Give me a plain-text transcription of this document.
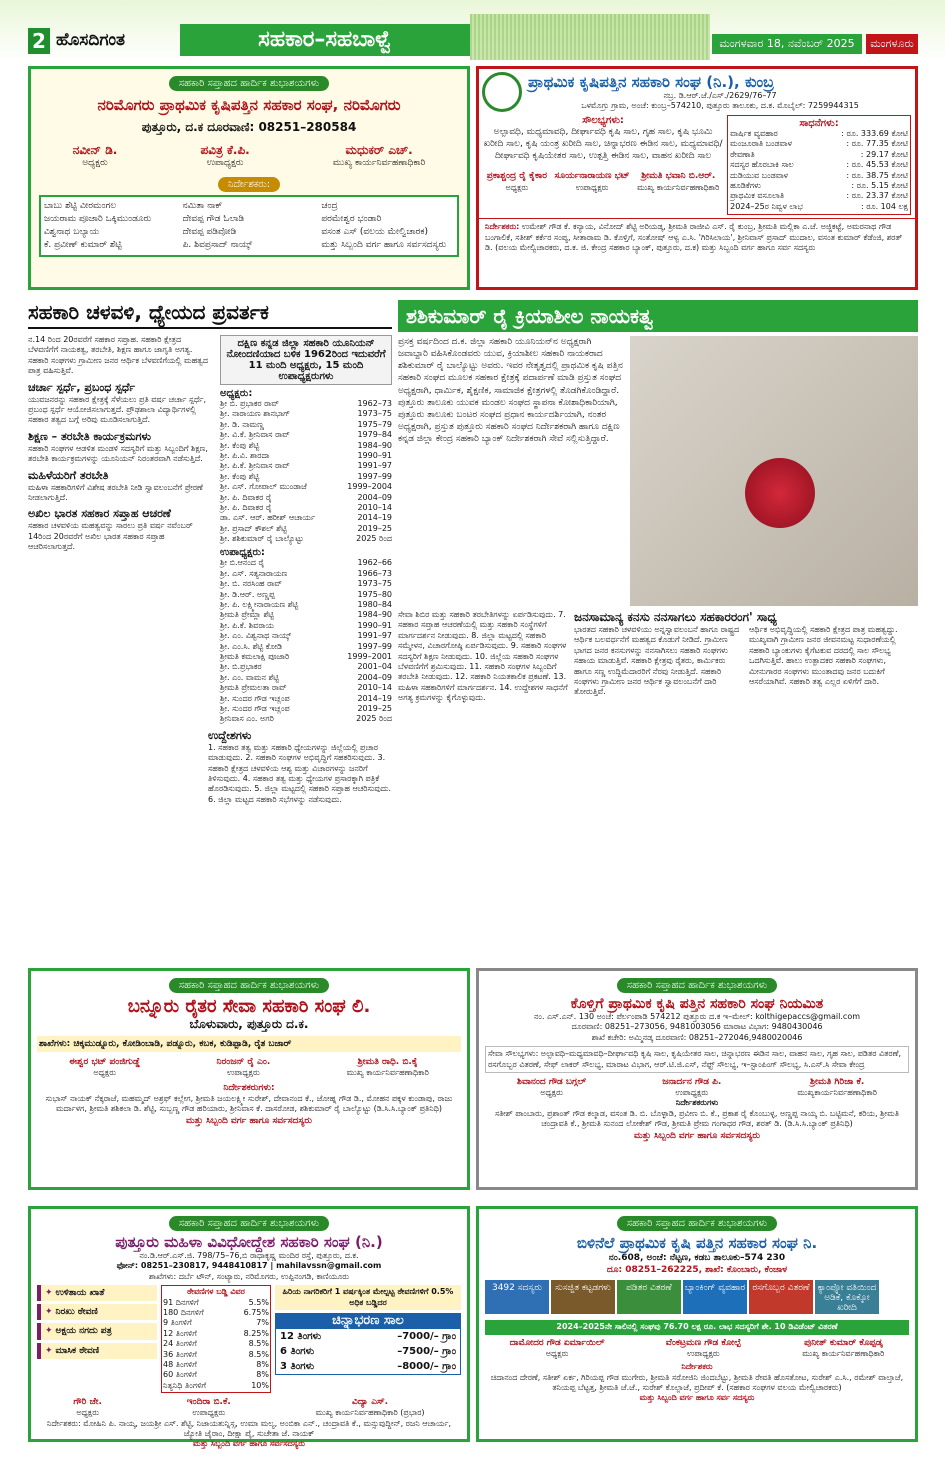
2 ಹೊಸದಿಗಂತ	ಸಹಕಾರ–ಸಹಬಾಳ್ವೆ	ಮಂಗಳವಾರ 18, ನವೆಂಬರ್ 2025	ಮಂಗಳೂರು
ಸಹಕಾರಿ ಸಪ್ತಾಹದ ಹಾರ್ದಿಕ ಶುಭಾಶಯಗಳು
ನರಿಮೊಗರು ಪ್ರಾಥಮಿಕ ಕೃಷಿಪತ್ತಿನ ಸಹಕಾರ ಸಂಘ, ನರಿಮೊಗರು
ಪುತ್ತೂರು, ದ.ಕ ದೂರವಾಣಿ: 08251–280584
ನವೀನ್ ಡಿ.
ಅಧ್ಯಕ್ಷರು
ಪವಿತ್ರ ಕೆ.ಪಿ.
ಉಪಾಧ್ಯಕ್ಷರು
ಮಧುಕರ್ ಎಚ್.
ಮುಖ್ಯ ಕಾರ್ಯನಿರ್ವಹಣಾಧಿಕಾರಿ
ನಿರ್ದೇಶಕರು:
ಬಾಬು ಶೆಟ್ಟಿ ವೀರಮಂಗಲ	ನಮಿತಾ ನಾಕ್	ಚಂದ್ರ
ಜಯರಾಮ ಪೂಜಾರಿ ಒಕ್ಕಿಮುಂಡೂರು	ದೇವಪ್ಪ ಗೌಡ ಓಲಾಡಿ	ಪರಮೇಶ್ವರ ಭಂಡಾರಿ
ವಿಶ್ವನಾಥ ಬಲ್ಯಾಯ	ದೇವಪ್ಪ ಪಡಿವೋಡಿ	ವಸಂತ ಎಸ್ (ವಲಯ ಮೇಲ್ವಿಚಾರಕ)
ಕೆ. ಪ್ರವೀಣ್ ಕುಮಾರ್ ಶೆಟ್ಟಿ	ಪಿ. ಶಿವಪ್ರಸಾದ್ ನಾಯ್ಕ್	ಮತ್ತು ಸಿಬ್ಬಂದಿ ವರ್ಗ ಹಾಗೂ ಸರ್ವಸದಸ್ಯರು
ಪ್ರಾಥಮಿಕ ಕೃಷಿಪತ್ತಿನ ಸಹಕಾರಿ ಸಂಘ (ನಿ.), ಕುಂಬ್ರ
ನಬ್ರ. ಡಿ.ಆರ್.ಜೆ./ಎಸ್./2629/76–77
ಒಳಮೊಗ್ರು ಗ್ರಾಮ, ಅಂಚೆ: ಕುಂಬ್ರ–574210, ಪುತ್ತೂರು ತಾಲೂಕು, ದ.ಕ. ಮೊಬೈಲ್: 7259944315
ಸೌಲಭ್ಯಗಳು:
ಅಲ್ಪಾವಧಿ, ಮಧ್ಯಮಾವಧಿ, ದೀರ್ಘಾವಧಿ ಕೃಷಿ ಸಾಲ, ಗೃಹ ಸಾಲ, ಕೃಷಿ ಭೂಮಿ ಖರೀದಿ ಸಾಲ, ಕೃಷಿ ಯಂತ್ರ ಖರೀದಿ ಸಾಲ, ಚಿನ್ನಾಭರಣ ಈಡಿನ ಸಾಲ, ಮಧ್ಯಮಾವಧಿ/ದೀರ್ಘಾವಧಿ ಕೃಷಿಯೇತರ ಸಾಲ, ಉತ್ಪತ್ತಿ ಈಡಿನ ಸಾಲ, ವಾಹನ ಖರೀದಿ ಸಾಲ
ಪ್ರಕಾಶ್ಚಂದ್ರ ರೈ ಕೈಕಾರ
ಅಧ್ಯಕ್ಷರು
ಸೂರ್ಯನಾರಾಯಣ ಭಟ್
ಉಪಾಧ್ಯಕ್ಷರು
ಶ್ರೀಮತಿ ಭವಾನಿ ಬಿ.ಆರ್.
ಮುಖ್ಯ ಕಾರ್ಯನಿರ್ವಹಣಾಧಿಕಾರಿ
ಸಾಧನೆಗಳು:
ವಾರ್ಷಿಕ ವ್ಯವಹಾರ	: ರೂ. 333.69 ಕೋಟಿ
ಮಂಜೂರಾತಿ ಬಂಡವಾಳ	: ರೂ. 77.35 ಕೋಟಿ
ಠೇವಣಾತಿ	: 29.17 ಕೋಟಿ
ಸದಸ್ಯರ ಹೊರಬಾಕಿ ಸಾಲ	: ರೂ. 45.53 ಕೋಟಿ
ದುಡಿಯುವ ಬಂಡವಾಳ	: ರೂ. 38.75 ಕೋಟಿ
ಹೂಡಿಕೆಗಳು	: ರೂ. 5.15 ಕೋಟಿ
ಪ್ರಾಥಮಿಕ ವಸೂಲಾತಿ	: ರೂ. 23.37 ಕೋಟಿ
2024–25ರ ನಿವ್ವಳ ಲಾಭ	: ರೂ. 104 ಲಕ್ಷ
ನಿರ್ದೇಶಕರು: ಉಮೇಶ್ ಗೌಡ ಕೆ. ಕನ್ಯಾಯ, ವಿನೋದ್ ಶೆಟ್ಟಿ ಅರಿಯಡ್ಕ, ಶ್ರೀಮತಿ ರಾಜೀವಿ ಎಸ್. ರೈ ಕುಂಬ್ರ, ಶ್ರೀಮತಿ ಮಲ್ಲಿಕಾ ಎ.ಜೆ. ಅಜ್ಜಿಕಟ್ಟೆ, ಅಮರನಾಥ ಗೌಡ ಬಂಗಾಲಿಕೆ, ಸತೀಶ್ ಕರ್ಕೆರ ಸಂಪ್ಯ, ಸೀತಾರಾಮ ಡಿ. ಕೊಳ್ತಿಗೆ, ಸಂತೋಷ್ ಆಳ್ವ ಎ.ಸಿ. 'ಗಿರಿಸಿಲಾಯ', ಶ್ರೀನಿವಾಸ್ ಪ್ರಸಾದ್ ಮುದಾಲ, ವಸಂತ ಕುಮಾರ್ ಕೆಡೆಂಜಿ, ಶರತ್ ಡಿ. (ವಲಯ ಮೇಲ್ವಿಚಾರಕರು, ದ.ಕ. ಜಿ. ಕೇಂದ್ರ ಸಹಕಾರ ಬ್ಯಾಂಕ್, ಪುತ್ತೂರು, ದ.ಕ) ಮತ್ತು ಸಿಬ್ಬಂದಿ ವರ್ಗ ಹಾಗೂ ಸರ್ವ ಸದಸ್ಯರು
ಸಹಕಾರಿ ಚಳವಳಿ, ಧ್ಯೇಯದ ಪ್ರವರ್ತಕ
ನ.14 ರಿಂದ 20ರವರೆಗೆ ಸಹಕಾರ ಸಪ್ತಾಹ. ಸಹಕಾರಿ ಕ್ಷೇತ್ರದ ಬೆಳವಣಿಗೆಗೆ ನಾಯಕತ್ವ, ತರಬೇತಿ, ಶಿಕ್ಷಣ ಹಾಗೂ ಜಾಗೃತಿ ಅಗತ್ಯ. ಸಹಕಾರಿ ಸಂಘಗಳು ಗ್ರಾಮೀಣ ಜನರ ಆರ್ಥಿಕ ಬೆಳವಣಿಗೆಯಲ್ಲಿ ಮಹತ್ವದ ಪಾತ್ರ ವಹಿಸುತ್ತಿವೆ.
ಚರ್ಚಾ ಸ್ಪರ್ಧೆ, ಪ್ರಬಂಧ ಸ್ಪರ್ಧೆ
ಯುವಜನರನ್ನು ಸಹಕಾರ ಕ್ಷೇತ್ರಕ್ಕೆ ಸೆಳೆಯಲು ಪ್ರತಿ ವರ್ಷ ಚರ್ಚಾ ಸ್ಪರ್ಧೆ, ಪ್ರಬಂಧ ಸ್ಪರ್ಧೆ ಆಯೋಜಿಸಲಾಗುತ್ತದೆ. ಪ್ರೌಢಶಾಲಾ ವಿದ್ಯಾರ್ಥಿಗಳಲ್ಲಿ ಸಹಕಾರ ತತ್ವದ ಬಗ್ಗೆ ಅರಿವು ಮೂಡಿಸಲಾಗುತ್ತಿದೆ.
ಶಿಕ್ಷಣ – ತರಬೇತಿ ಕಾರ್ಯಕ್ರಮಗಳು
ಸಹಕಾರಿ ಸಂಘಗಳ ಆಡಳಿತ ಮಂಡಳಿ ಸದಸ್ಯರಿಗೆ ಮತ್ತು ಸಿಬ್ಬಂದಿಗೆ ಶಿಕ್ಷಣ, ತರಬೇತಿ ಕಾರ್ಯಕ್ರಮಗಳನ್ನು ಯೂನಿಯನ್ ನಿರಂತರವಾಗಿ ನಡೆಸುತ್ತಿದೆ.
ಮಹಿಳೆಯರಿಗೆ ತರಬೇತಿ
ಮಹಿಳಾ ಸಹಕಾರಿಗಳಿಗೆ ವಿಶೇಷ ತರಬೇತಿ ನೀಡಿ ಸ್ವಾವಲಂಬನೆಗೆ ಪ್ರೇರಣೆ ನೀಡಲಾಗುತ್ತಿದೆ.
ಅಖಿಲ ಭಾರತ ಸಹಕಾರ ಸಪ್ತಾಹ ಆಚರಣೆ
ಸಹಕಾರ ಚಳವಳಿಯ ಮಹತ್ವವನ್ನು ಸಾರಲು ಪ್ರತಿ ವರ್ಷ ನವೆಂಬರ್ 14ರಿಂದ 20ರವರೆಗೆ ಅಖಿಲ ಭಾರತ ಸಹಕಾರ ಸಪ್ತಾಹ ಆಚರಿಸಲಾಗುತ್ತದೆ.
ದಕ್ಷಿಣ ಕನ್ನಡ ಜಿಲ್ಲಾ ಸಹಕಾರಿ ಯೂನಿಯನ್ ನೋಂದಣಿಯಾದ ಬಳಿಕ 1962ರಿಂದ ಇದುವರೆಗೆ 11 ಮಂದಿ ಅಧ್ಯಕ್ಷರು, 15 ಮಂದಿ ಉಪಾಧ್ಯಕ್ಷರುಗಳು
ಅಧ್ಯಕ್ಷರು:
ಶ್ರೀ ಬಿ. ಪ್ರಭಾಕರ ರಾವ್	1962–73
ಶ್ರೀ. ನಾರಾಯಣ ಶಾನಭಾಗ್	1973–75
ಶ್ರೀ. ಡಿ. ನಾಮಣ್ಣ	1975–79
ಶ್ರೀ. ವಿ.ಕೆ. ಶ್ರೀನಿವಾಸ ರಾವ್	1979–84
ಶ್ರೀ. ಕೆಂಪು ಶೆಟ್ಟಿ	1984–90
ಶ್ರೀ. ಪಿ.ವಿ. ಶಾರದಾ	1990–91
ಶ್ರೀ. ಪಿ.ಕೆ. ಶ್ರೀನಿವಾಸ ರಾವ್	1991–97
ಶ್ರೀ. ಕೆಂಪು ಶೆಟ್ಟಿ	1997–99
ಶ್ರೀ. ಎಸ್. ಗೋಪಾಲ್ ಮುಂಡಾಜೆ	1999–2004
ಶ್ರೀ. ಪಿ. ದಿವಾಕರ ರೈ	2004–09
ಶ್ರೀ. ಪಿ. ದಿವಾಕರ ರೈ	2010–14
ಡಾ. ಎಸ್. ಆರ್. ಹರೀಶ್ ಆಚಾರ್ಯ	2014–19
ಶ್ರೀ. ಪ್ರಸಾದ್ ಕೌಶಲ್ ಶೆಟ್ಟಿ	2019–25
ಶ್ರೀ. ಶಶಿಕುಮಾರ್ ರೈ ಬಾಲ್ಯೊಟ್ಟು	2025 ರಿಂದ
ಉಪಾಧ್ಯಕ್ಷರು:
ಶ್ರೀ ಬಿ.ಆನಂದ ರೈ	1962–66
ಶ್ರೀ. ಎಸ್. ಸತ್ಯನಾರಾಯಣ	1966–73
ಶ್ರೀ. ಬಿ. ನರಸಿಂಹ ರಾವ್	1973–75
ಶ್ರೀ. ಡಿ.ಆರ್. ಅಣ್ಣಪ್ಪ	1975–80
ಶ್ರೀ. ಪಿ. ಲಕ್ಷ್ಮೀನಾರಾಯಣ ಶೆಟ್ಟಿ	1980–84
ಶ್ರೀಮತಿ ಪ್ರೇಮ್ಲಾ ಶೆಟ್ಟಿ	1984–90
ಶ್ರೀ. ಪಿ.ಕೆ. ಶಿವರಾಯ	1990–91
ಶ್ರೀ. ಎಂ. ವಿಶ್ವನಾಥ ನಾಯ್ಕ್	1991–97
ಶ್ರೀ. ಎಂ.ಸಿ. ಶೆಟ್ಟಿ ಕೋಡಿ	1997–99
ಶ್ರೀಮತಿ ಕಮಲಾಕ್ಷಿ ಪೂಜಾರಿ	1999–2001
ಶ್ರೀ. ಬಿ.ಪ್ರಭಾಕರ	2001–04
ಶ್ರೀ. ಎಂ. ವಾಮನ ಶೆಟ್ಟಿ	2004–09
ಶ್ರೀಮತಿ ಪ್ರೇಮಲತಾ ರಾವ್	2010–14
ಶ್ರೀ. ಸುಂದರ ಗೌಡ ಇಚ್ಲಂಪ	2014–19
ಶ್ರೀ. ಸುಂದರ ಗೌಡ ಇಚ್ಲಂಪ	2019–25
ಶ್ರೀನಿವಾಸ ಎಂ. ಅಗರಿ	2025 ರಿಂದ
ಉದ್ದೇಶಗಳು
1. ಸಹಕಾರ ತತ್ವ ಮತ್ತು ಸಹಕಾರಿ ಧ್ಯೇಯಗಳನ್ನು ಜಿಲ್ಲೆಯಲ್ಲಿ ಪ್ರಚಾರ ಮಾಡುವುದು. 2. ಸಹಕಾರಿ ಸಂಘಗಳ ಅಭಿವೃದ್ಧಿಗೆ ಸಹಕರಿಸುವುದು. 3. ಸಹಕಾರಿ ಕ್ಷೇತ್ರದ ಚಳವಳಿಯ ಆಶ್ಯ ಮತ್ತು ವಿಚಾರಗಳನ್ನು ಜನರಿಗೆ ತಿಳಿಸುವುದು. 4. ಸಹಕಾರ ತತ್ವ ಮತ್ತು ಧ್ಯೇಯಗಳ ಪ್ರಸಾರಕ್ಕಾಗಿ ಪತ್ರಿಕೆ ಹೊರಡಿಸುವುದು. 5. ಜಿಲ್ಲಾ ಮಟ್ಟದಲ್ಲಿ ಸಹಕಾರಿ ಸಪ್ತಾಹ ಆಚರಿಸುವುದು. 6. ಜಿಲ್ಲಾ ಮಟ್ಟದ ಸಹಕಾರಿ ಸಭೆಗಳನ್ನು ನಡೆಸುವುದು.
ಶಶಿಕುಮಾರ್ ರೈ ಕ್ರಿಯಾಶೀಲ ನಾಯಕತ್ವ
ಪ್ರಸಕ್ತ ವರ್ಷದಿಂದ ದ.ಕ. ಜಿಲ್ಲಾ ಸಹಕಾರಿ ಯೂನಿಯನ್‌ನ ಅಧ್ಯಕ್ಷರಾಗಿ ಜವಾಬ್ದಾರಿ ವಹಿಸಿಕೊಂಡವರು ಯುವ, ಕ್ರಿಯಾಶೀಲ ಸಹಕಾರಿ ನಾಯಕರಾದ ಶಶಿಕುಮಾರ್ ರೈ ಬಾಲ್ಯೊಟ್ಟು ಅವರು. ಇವರ ನೇತೃತ್ವದಲ್ಲಿ ಪ್ರಾಥಮಿಕ ಕೃಷಿ ಪತ್ತಿನ ಸಹಕಾರಿ ಸಂಘದ ಮೂಲಕ ಸಹಕಾರ ಕ್ಷೇತ್ರಕ್ಕೆ ಪದಾರ್ಪಣೆ ಮಾಡಿ ಪ್ರಸ್ತುತ ಸಂಘದ ಅಧ್ಯಕ್ಷರಾಗಿ, ಧಾರ್ಮಿಕ, ಶೈಕ್ಷಣಿಕ, ಸಾಮಾಜಿಕ ಕ್ಷೇತ್ರಗಳಲ್ಲಿ ತೊಡಗಿಕೊಂಡಿದ್ದಾರೆ. ಪುತ್ತೂರು ತಾಲೂಕು ಯುವಕ ಮಂಡಲ ಸಂಘದ ಸ್ಥಾಪನಾ ಕೋಶಾಧಿಕಾರಿಯಾಗಿ, ಪುತ್ತೂರು ತಾಲೂಕು ಬಂಟರ ಸಂಘದ ಪ್ರಧಾನ ಕಾರ್ಯದರ್ಶಿಯಾಗಿ, ನಂತರ ಅಧ್ಯಕ್ಷರಾಗಿ, ಪ್ರಸ್ತುತ ಪುತ್ತೂರು ಸಹಕಾರಿ ಸಂಘದ ನಿರ್ದೇಶಕರಾಗಿ ಹಾಗೂ ದಕ್ಷಿಣ ಕನ್ನಡ ಜಿಲ್ಲಾ ಕೇಂದ್ರ ಸಹಕಾರಿ ಬ್ಯಾಂಕ್ ನಿರ್ದೇಶಕರಾಗಿ ಸೇವೆ ಸಲ್ಲಿಸುತ್ತಿದ್ದಾರೆ.
ಸೇವಾ ಶಿಬಿರ ಮತ್ತು ಸಹಕಾರಿ ತರಬೇತಿಗಳನ್ನು ಏರ್ಪಡಿಸುವುದು. 7. ಸಹಕಾರ ಸಪ್ತಾಹ ಆಚರಣೆಯಲ್ಲಿ ಮತ್ತು ಸಹಕಾರಿ ಸಂಸ್ಥೆಗಳಿಗೆ ಮಾರ್ಗದರ್ಶನ ನೀಡುವುದು. 8. ಜಿಲ್ಲಾ ಮಟ್ಟದಲ್ಲಿ ಸಹಕಾರಿ ಸಮ್ಮೇಳನ, ವಿಚಾರಗೋಷ್ಠಿ ಏರ್ಪಡಿಸುವುದು. 9. ಸಹಕಾರಿ ಸಂಘಗಳ ಸದಸ್ಯರಿಗೆ ಶಿಕ್ಷಣ ನೀಡುವುದು. 10. ಜಿಲ್ಲೆಯ ಸಹಕಾರಿ ಸಂಘಗಳ ಬೆಳವಣಿಗೆಗೆ ಶ್ರಮಿಸುವುದು. 11. ಸಹಕಾರಿ ಸಂಘಗಳ ಸಿಬ್ಬಂದಿಗೆ ತರಬೇತಿ ನೀಡುವುದು. 12. ಸಹಕಾರಿ ನಿಯತಕಾಲಿಕ ಪ್ರಕಟಣೆ. 13. ಮಹಿಳಾ ಸಹಕಾರಿಗಳಿಗೆ ಮಾರ್ಗದರ್ಶನ. 14. ಉದ್ದೇಶಗಳ ಸಾಧನೆಗೆ ಅಗತ್ಯ ಕ್ರಮಗಳನ್ನು ಕೈಗೊಳ್ಳುವುದು.
ಜನಸಾಮಾನ್ಯ ಕನಸು ನನಸಾಗಲು ಸಹಕಾರರಂಗ' ಸಾಧ್ಯ
ಭಾರತದ ಸಹಕಾರಿ ಚಳವಳಿಯು ಅನ್ನಸ್ವಾವಲಂಬನೆ ಹಾಗೂ ರಾಷ್ಟ್ರದ ಆರ್ಥಿಕ ಬಲವರ್ಧನೆಗೆ ಮಹತ್ವದ ಕೊಡುಗೆ ನೀಡಿದೆ. ಗ್ರಾಮೀಣ ಭಾಗದ ಜನರ ಕನಸುಗಳನ್ನು ನನಸಾಗಿಸಲು ಸಹಕಾರಿ ಸಂಘಗಳು ಸಹಾಯ ಮಾಡುತ್ತಿವೆ. ಸಹಕಾರಿ ಕ್ಷೇತ್ರವು ರೈತರು, ಕಾರ್ಮಿಕರು ಹಾಗೂ ಸಣ್ಣ ಉದ್ದಿಮೆದಾರರಿಗೆ ನೆರವು ನೀಡುತ್ತಿದೆ. ಸಹಕಾರಿ ಸಂಘಗಳು ಗ್ರಾಮೀಣ ಜನರ ಆರ್ಥಿಕ ಸ್ವಾವಲಂಬನೆಗೆ ದಾರಿ ತೋರುತ್ತಿವೆ.
ಆರ್ಥಿಕ ಅಭಿವೃದ್ಧಿಯಲ್ಲಿ ಸಹಕಾರಿ ಕ್ಷೇತ್ರದ ಪಾತ್ರ ಮಹತ್ವದ್ದು. ಮುಖ್ಯವಾಗಿ ಗ್ರಾಮೀಣ ಜನರ ಜೀವನಮಟ್ಟ ಸುಧಾರಣೆಯಲ್ಲಿ ಸಹಕಾರಿ ಬ್ಯಾಂಕುಗಳು ಕೈಗೆಟಕುವ ದರದಲ್ಲಿ ಸಾಲ ಸೌಲಭ್ಯ ಒದಗಿಸುತ್ತಿವೆ. ಹಾಲು ಉತ್ಪಾದಕರ ಸಹಕಾರಿ ಸಂಘಗಳು, ಮೀನುಗಾರರ ಸಂಘಗಳು ಮುಂತಾದವು ಜನರ ಬದುಕಿಗೆ ಆಸರೆಯಾಗಿವೆ. ಸಹಕಾರಿ ತತ್ವ ಎಲ್ಲರ ಏಳಿಗೆಗೆ ದಾರಿ.
ಸಹಕಾರಿ ಸಪ್ತಾಹದ ಹಾರ್ದಿಕ ಶುಭಾಶಯಗಳು
ಬನ್ನೂರು ರೈತರ ಸೇವಾ ಸಹಕಾರಿ ಸಂಘ ಲಿ.
ಬೊಳುವಾರು, ಪುತ್ತೂರು ದ.ಕ.
ಶಾಖೆಗಳು: ಚಿಕ್ಕಮುಡ್ನೂರು, ಕೋಡಿಂಬಾಡಿ, ಪಡ್ನೂರು, ಕಬಕ, ಕುಡಿಪ್ಪಾಡಿ, ರೈತ ಬಜಾರ್
ಈಶ್ವರ ಭಟ್ ಪಂಜಿಗುಡ್ಡೆ
ಅಧ್ಯಕ್ಷರು
ನಿರಂಜನ್ ರೈ ಎಂ.
ಉಪಾಧ್ಯಕ್ಷರು
ಶ್ರೀಮತಿ ರಾಧಿ. ಬಿ.ಕೈ
ಮುಖ್ಯ ಕಾರ್ಯನಿರ್ವಹಣಾಧಿಕಾರಿ
ನಿರ್ದೇಶಕರುಗಳು:
ಸುಭಾಸ್ ನಾಯಕ್ ನೆಕ್ಕರಾಜೆ, ಮಹಮ್ಮದ್ ಅಶ್ರಫ್ ಕಲ್ಲೇಗ, ಶ್ರೀಮತಿ ಜಯಲಕ್ಷ್ಮೀ ಸುರೇಶ್, ದೇವಾನಂದ ಕೆ., ಜೋಹ್ನ ಗೌಡ ಡಿ., ಮೋಹನ ಪಕ್ಕಳ ಕುಂಡಾಪು, ರಾಜು ಮರ್ದಾಳಗ, ಶ್ರೀಮತಿ ಶಶಿಕಲಾ ಡಿ. ಶೆಟ್ಟಿ, ಸುಬ್ಬಣ್ಣ ಗೌಡ ಹರಿಯಾರು, ಶ್ರೀನಿವಾಸ ಕೆ. ದಾಸರೋಡ, ಶಶಿಕುಮಾರ್ ರೈ ಬಾಲ್ಯೊಟ್ಟು (ಡಿ.ಸಿ.ಸಿ.ಬ್ಯಾಂಕ್ ಪ್ರತಿನಿಧಿ)
ಮತ್ತು ಸಿಬ್ಬಂದಿ ವರ್ಗ ಹಾಗೂ ಸರ್ವಸದಸ್ಯರು
ಸಹಕಾರಿ ಸಪ್ತಾಹದ ಹಾರ್ದಿಕ ಶುಭಾಶಯಗಳು
ಕೊಳ್ತಿಗೆ ಪ್ರಾಥಮಿಕ ಕೃಷಿ ಪತ್ತಿನ ಸಹಕಾರಿ ಸಂಘ ನಿಯಮಿತ
ನಂ. ಎಸ್.ಎನ್. 130 ಅಂಚೆ: ಪೆರ್ಲಂಪಾಡಿ 574212 ಪುತ್ತೂರು ದ.ಕ ಇ–ಮೇಲ್: kolthigepaccs@gmail.com
ದೂರವಾಣಿ: 08251–273056, 9481003056 ಮಾರಾಟ ವಿಭಾಗ: 9480430046
ಶಾಖೆ ಕಚೇರಿ: ಅಮ್ಮಿನಡ್ಕ ದೂರವಾಣಿ: 08251–272046,9480020046
ಸೇವಾ ಸೌಲಭ್ಯಗಳು: ಅಲ್ಪಾವಧಿ–ಮಧ್ಯಮಾವಧಿ–ದೀರ್ಘಾವಧಿ ಕೃಷಿ ಸಾಲ, ಕೃಷಿಯೇತರ ಸಾಲ, ಚಿನ್ನಾಭರಣ ಈಡಿನ ಸಾಲ, ವಾಹನ ಸಾಲ, ಗೃಹ ಸಾಲ, ಪಡಿತರ ವಿತರಣೆ, ರಸಗೊಬ್ಬರ ವಿತರಣೆ, ಸೇಫ್ ಲಾಕರ್ ಸೌಲಭ್ಯ, ಮಾರಾಟ ವಿಭಾಗ, ಆರ್.ಟಿ.ಜಿ.ಎಸ್, ನೆಫ್ಟ್ ಸೌಲಭ್ಯ, ಇ–ಸ್ಟಾಂಪಿಂಗ್ ಸೌಲಭ್ಯ, ಸಿ.ಎಸ್.ಸಿ ಸೇವಾ ಕೇಂದ್ರ
ಶಿವಾನಂದ ಗೌಡ ಬಗ್ಗಲ್
ಅಧ್ಯಕ್ಷರು
ಜನಾರ್ದನ ಗೌಡ ಪಿ.
ಉಪಾಧ್ಯಕ್ಷರು
ಶ್ರೀಮತಿ ಗಿರಿಜಾ ಕೆ.
ಮುಖ್ಯಕಾರ್ಯನಿರ್ವಹಣಾಧಿಕಾರಿ
ನಿರ್ದೇಶಕರುಗಳು
ಸತೀಶ್ ಪಾಂಬಾರು, ಪ್ರಶಾಂತ್ ಗೌಡ ಕಲ್ಕಾಡ, ವಸಂತ ಡಿ. ಬಿ. ಬೊಳ್ಳಾಡಿ, ಪ್ರವೀಣ ಬಿ. ಕೆ., ಪ್ರಕಾಶ ರೈ ಕೊಂಬುಳ್ಳ, ಅಣ್ಣಪ್ಪ ನಾಯ್ಕ ಬಿ. ಬಟ್ಟಿಮನೆ, ಕರಿಯ, ಶ್ರೀಮತಿ ಚಂದ್ರಾವತಿ ಕೆ., ಶ್ರೀಮತಿ ಸುನಂದ ಲೋಕೇಶ್ ಗೌಡ, ಶ್ರೀಮತಿ ಪ್ರೇಮ ಗಂಗಾಧರ ಗೌಡ, ಶರತ್ ಡಿ. (ಡಿ.ಸಿ.ಸಿ.ಬ್ಯಾಂಕ್ ಪ್ರತಿನಿಧಿ)
ಮತ್ತು ಸಿಬ್ಬಂದಿ ವರ್ಗ ಹಾಗೂ ಸರ್ವಸದಸ್ಯರು
ಸಹಕಾರಿ ಸಪ್ತಾಹದ ಹಾರ್ದಿಕ ಶುಭಾಶಯಗಳು
ಪುತ್ತೂರು ಮಹಿಳಾ ವಿವಿಧೋದ್ದೇಶ ಸಹಕಾರಿ ಸಂಘ (ನಿ.)
ನಂ.ಡಿ.ಆರ್.ಎಸ್.ಜಿ. 798/75–76,ಬಿ ರಾಧಾಕೃಷ್ಣ ಮಂದಿರ ರಸ್ತೆ, ಪುತ್ತೂರು, ದ.ಕ.
ಫೋನ್: 08251–230817, 9448410817 | mahilavssn@gmail.com
ಶಾಖೆಗಳು: ದರ್ಬೆ ಟೌನ್, ಸಂಟ್ಯಾರು, ನರಿಮೊಗರು, ಉಪ್ಪಿನಂಗಡಿ, ಕಾಣಿಯೂರು
✦ ಉಳಿತಾಯ ಖಾತೆ
✦ ನಿರಖು ಠೇವಣಿ
✦ ಅಕ್ಷಯ ನಗದು ಪತ್ರ
✦ ಮಾಸಿಕ ಠೇವಣಿ
ಠೇವಣಿಗಳ ಬಡ್ಡಿ ವಿವರ
91 ದಿನಗಳಿಗೆ	5.5%
180 ದಿನಗಳಿಗೆ	6.75%
9 ತಿಂಗಳಿಗೆ	7%
12 ತಿಂಗಳಿಗೆ	8.25%
24 ತಿಂಗಳಿಗೆ	8.5%
36 ತಿಂಗಳಿಗೆ	8.5%
48 ತಿಂಗಳಿಗೆ	8%
60 ತಿಂಗಳಿಗೆ	8%
ನಿತ್ಯನಿಧಿ ತಿಂಗಳಿಗೆ	10%
ಹಿರಿಯ ನಾಗರಿಕರಿಗೆ 1 ವರ್ಷಕ್ಕಿಂತ ಮೇಲ್ಪಟ್ಟ ಠೇವಣಿಗಳಿಗೆ 0.5% ಅಧಿಕ ಬಡ್ಡಿದರ
ಚಿನ್ನಾಭರಣ ಸಾಲ
12 ತಿಂಗಳು	–7000/– ಗ್ರಾಂ
6 ತಿಂಗಳು	–7500/– ಗ್ರಾಂ
3 ತಿಂಗಳು	–8000/– ಗ್ರಾಂ
ಗೌರಿ ಜೇ.
ಅಧ್ಯಕ್ಷರು
ಇಂದಿರಾ ಬಿ.ಕೆ.
ಉಪಾಧ್ಯಕ್ಷರು
ವಿದ್ಯಾ ಎಸ್.
ಮುಖ್ಯ ಕಾರ್ಯನಿರ್ವಹಣಾಧಿಕಾರಿ (ಪ್ರಭಾರ)
ನಿರ್ದೇಶಕರು: ಮೋಹಿನಿ ಪಿ. ನಾಯ್ಕ, ಜಯಶ್ರೀ ಎಸ್. ಶೆಟ್ಟಿ, ನಿಜಾಯತುನ್ನಿಸ್ಸ, ಉಮಾ ಮಲ್ಯ, ಅಂಬಿಕಾ ಎನ್., ಚಂದ್ರಾವತಿ ಕೆ., ಮನ್ಸುವುದ್ದೀನ್, ರಜನಿ ಆಚಾರ್ಯ, ಜ್ಯೋತಿ ಜೈರಾಂ, ದೀಕ್ಷಾ ಪೈ, ಸುಚೇತಾ ಜೆ. ನಾಯಕ್
ಮತ್ತು ಸಿಬ್ಬಂದಿ ವರ್ಗ ಹಾಗೂ ಸರ್ವಸದಸ್ಯರು
ಸಹಕಾರಿ ಸಪ್ತಾಹದ ಹಾರ್ದಿಕ ಶುಭಾಶಯಗಳು
ಬಿಳಿನೆಲೆ ಪ್ರಾಥಮಿಕ ಕೃಷಿ ಪತ್ತಿನ ಸಹಕಾರ ಸಂಘ ನಿ.
ನಂ.608, ಅಂಚೆ: ನೆಟ್ಟಣ, ಕಡಬ ತಾಲೂಕು–574 230
ದೂ: 08251–262225, ಶಾಖೆ: ಕೊಂಬಾರು, ಕೆಂಜಾಳ
3492 ಸದಸ್ಯರು ಸುಸಜ್ಜಿತ ಕಟ್ಟಡಗಳು ಪಡಿತರ ವಿತರಣೆ ಬ್ಯಾಂಕಿಂಗ್ ವ್ಯವಹಾರ ರಸಗೊಬ್ಬರ ವಿತರಣೆ ಕ್ಯಾಂಪ್ಕೋ ವತಿಯಿಂದ ಅಡಿಕೆ, ಕೊಕ್ಕೋ ಖರೀದಿ
2024–2025ನೇ ಸಾಲಿನಲ್ಲಿ ಸಂಘವು 76.70 ಲಕ್ಷ ರೂ. ಲಾಭ ಸದಸ್ಯರಿಗೆ ಶೇ. 10 ಡಿವಿಡೆಂಟ್ ವಿತರಣೆ
ದಾಮೋದರ ಗೌಡ ಏರ್ಮಾಯಿಲ್
ಅಧ್ಯಕ್ಷರು
ವೆಂಕಟ್ರಮಣ ಗೌಡ ಕೋಲ್ಪೆ
ಉಪಾಧ್ಯಕ್ಷರು
ಪುನೀತ್ ಕುಮಾರ್ ಕೊಪ್ಪಡ್ಕ
ಮುಖ್ಯ ಕಾರ್ಯನಿರ್ವಹಣಾಧಿಕಾರಿ
ನಿರ್ದೇಶಕರು
ಚಿದಾನಂದ ದೇರಣೆ, ಸತೀಶ್ ಏರ್ಕ, ಗಿರಿಯಪ್ಪ ಗೌಡ ಮುಗೇರು, ಶ್ರೀಮತಿ ಸರೋಜಿನಿ ಜಿಂದಬೆಟ್ಟು, ಶ್ರೀಮತಿ ರೇವತಿ ಹೊಸತೋಟ, ಸುರೇಶ್ ಎ.ಸಿ., ರಮೇಶ್ ವಾಲ್ತಾಜೆ, ತನಿಯಪ್ಪ ಬೆಟ್ಟತ್ತ, ಶ್ರೀಮತಿ ಜೆ.ಜೆ., ಸುರೇಶ್ ಕೊಲ್ಪಾಜೆ, ಪ್ರದೀಪ್ ಕೆ. (ಸಹಕಾರ ಸಂಘಗಳ ವಲಯ ಮೇಲ್ವಿಚಾರಕರು)
ಮತ್ತು ಸಿಬ್ಬಂದಿ ವರ್ಗ ಹಾಗೂ ಸರ್ವ ಸದಸ್ಯರು
